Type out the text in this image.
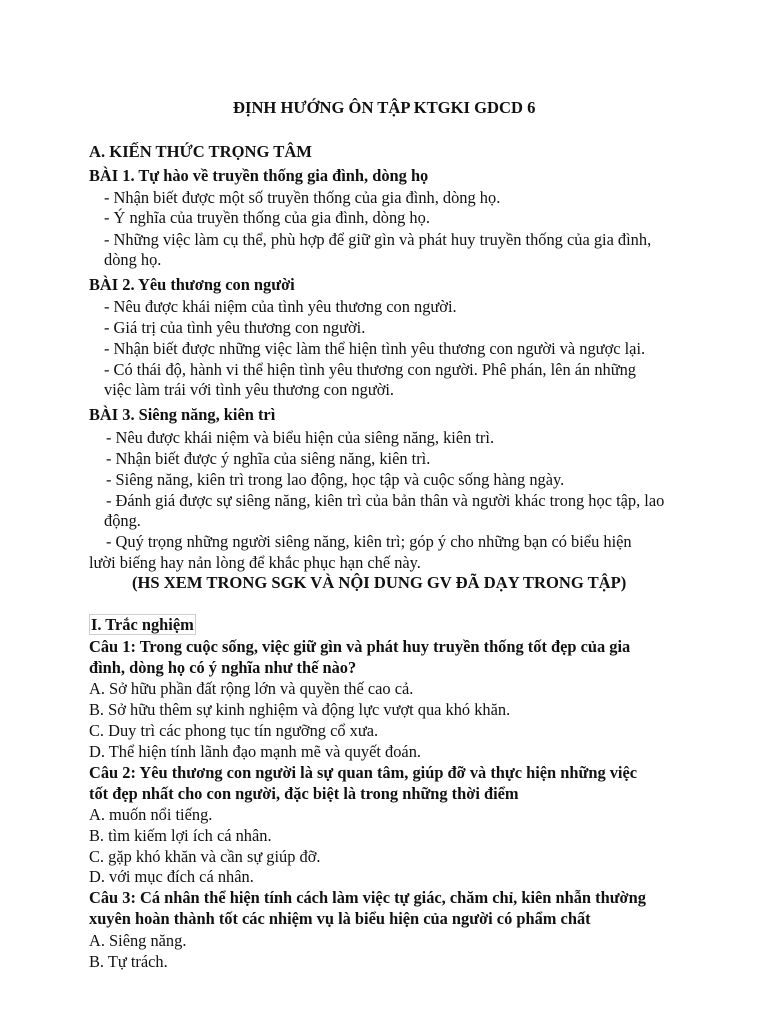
ĐỊNH HƯỚNG ÔN TẬP KTGKI GDCD 6
A. KIẾN THỨC TRỌNG TÂM
BÀI 1. Tự hào về truyền thống gia đình, dòng họ
- Nhận biết được một số truyền thống của gia đình, dòng họ.
- Ý nghĩa của truyền thống của gia đình, dòng họ.
- Những việc làm cụ thể, phù hợp để giữ gìn và phát huy truyền thống của gia đình,
dòng họ.
BÀI 2. Yêu thương con người
- Nêu được khái niệm của tình yêu thương con người.
- Giá trị của tình yêu thương con người.
- Nhận biết được những việc làm thể hiện tình yêu thương con người và ngược lại.
- Có thái độ, hành vi thể hiện tình yêu thương con người. Phê phán, lên án những
việc làm trái với tình yêu thương con người.
BÀI 3. Siêng năng, kiên trì
- Nêu được khái niệm và biểu hiện của siêng năng, kiên trì.
- Nhận biết được ý nghĩa của siêng năng, kiên trì.
- Siêng năng, kiên trì trong lao động, học tập và cuộc sống hàng ngày.
- Đánh giá được sự siêng năng, kiên trì của bản thân và người khác trong học tập, lao
động.
- Quý trọng những người siêng năng, kiên trì; góp ý cho những bạn có biểu hiện
lười biếng hay nản lòng để khắc phục hạn chế này.
(HS XEM TRONG SGK VÀ NỘI DUNG GV ĐÃ DẠY TRONG TẬP)
I. Trắc nghiệm
Câu 1: Trong cuộc sống, việc giữ gìn và phát huy truyền thống tốt đẹp của gia
đình, dòng họ có ý nghĩa như thế nào?
A. Sở hữu phần đất rộng lớn và quyền thế cao cả.
B. Sở hữu thêm sự kinh nghiệm và động lực vượt qua khó khăn.
C. Duy trì các phong tục tín ngưỡng cổ xưa.
D. Thể hiện tính lãnh đạo mạnh mẽ và quyết đoán.
Câu 2: Yêu thương con người là sự quan tâm, giúp đỡ và thực hiện những việc
tốt đẹp nhất cho con người, đặc biệt là trong những thời điểm
A. muốn nổi tiếng.
B. tìm kiếm lợi ích cá nhân.
C. gặp khó khăn và cần sự giúp đỡ.
D. với mục đích cá nhân.
Câu 3: Cá nhân thể hiện tính cách làm việc tự giác, chăm chỉ, kiên nhẫn thường
xuyên hoàn thành tốt các nhiệm vụ là biểu hiện của người có phẩm chất
A. Siêng năng.
B. Tự trách.
